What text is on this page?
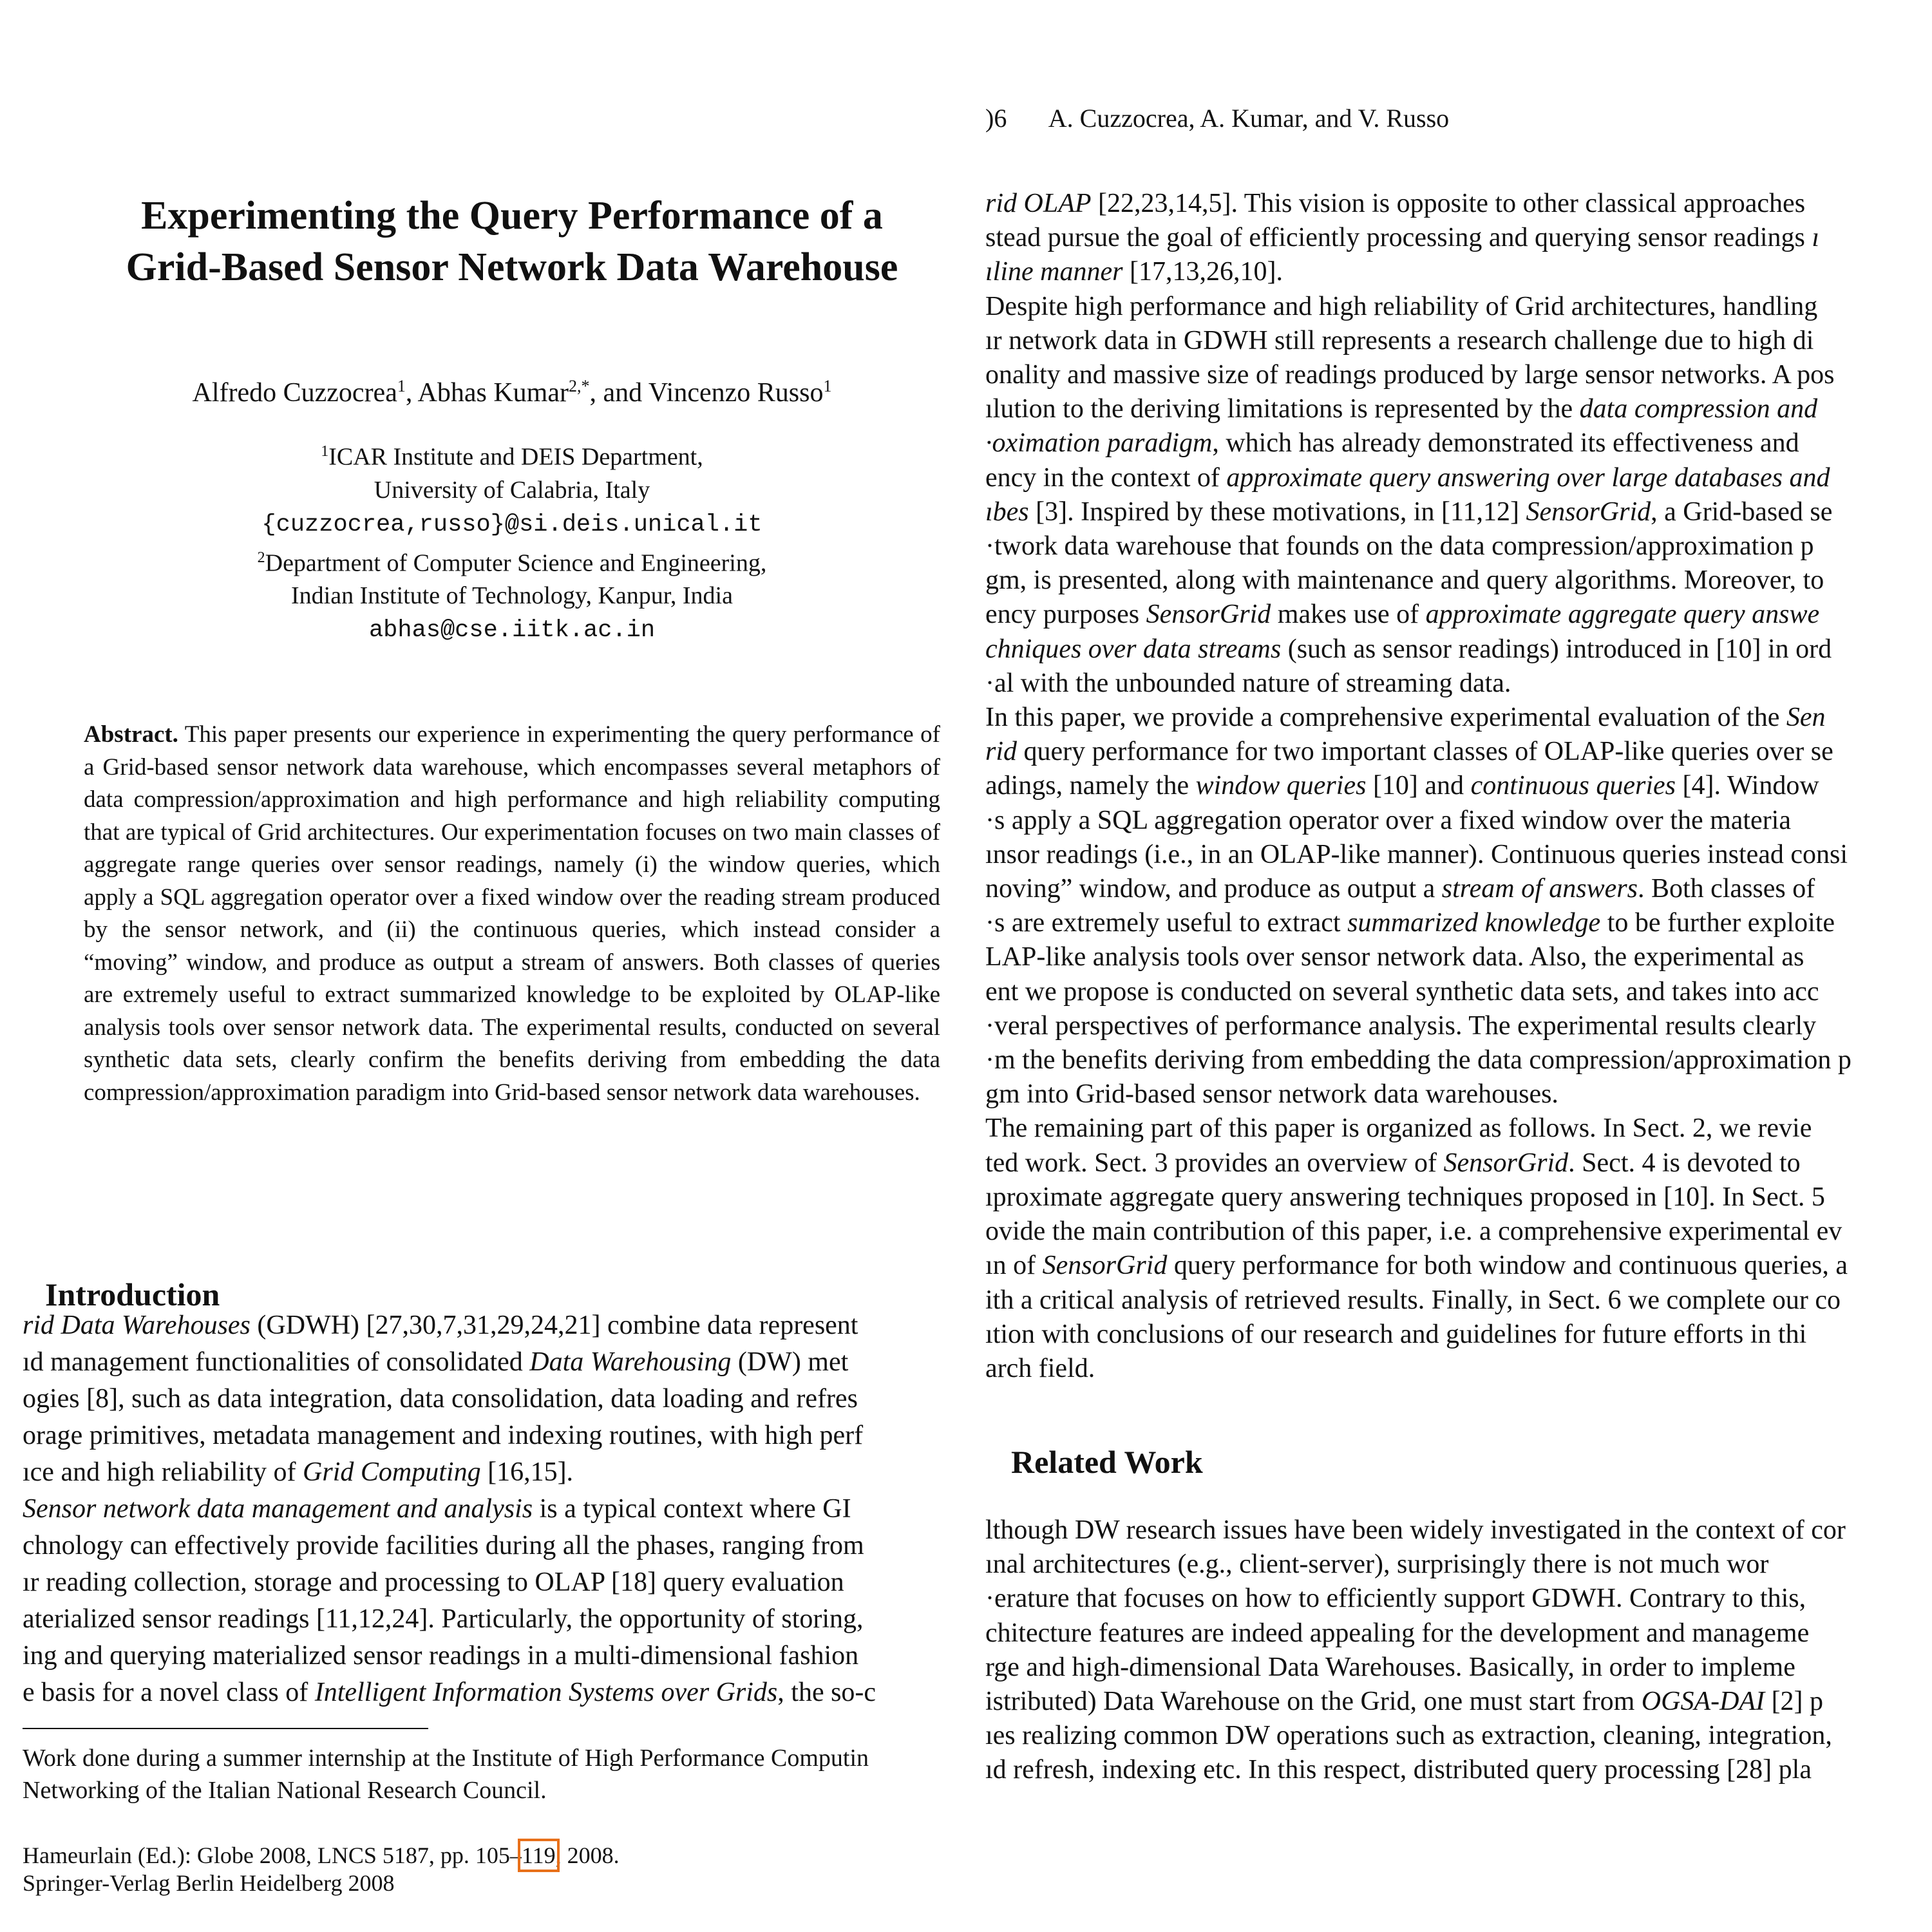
Experimenting the Query Performance of a
Grid-Based Sensor Network Data Warehouse
Alfredo Cuzzocrea$^1$, Abhas Kumar$^{2,*}$, and Vincenzo Russo$^1$
$^1$ICAR Institute and DEIS Department,
University of Calabria, Italy
{cuzzocrea,russo}@si.deis.unical.it
$^2$Department of Computer Science and Engineering,
Indian Institute of Technology, Kanpur, India
abhas@cse.iitk.ac.in
Abstract. This paper presents our experience in experimenting the query performance of a Grid-based sensor network data warehouse, which encompasses several metaphors of data compression/approximation and high performance and high reliability computing that are typical of Grid architectures. Our experimentation focuses on two main classes of aggregate range queries over sensor readings, namely (i) the window queries, which apply a SQL aggregation operator over a fixed window over the reading stream produced by the sensor network, and (ii) the continuous queries, which instead consider a “moving” window, and produce as output a stream of answers. Both classes of queries are extremely useful to extract summarized knowledge to be exploited by OLAP-like analysis tools over sensor network data. The experimental results, conducted on several synthetic data sets, clearly confirm the benefits deriving from embedding the data compression/approximation paradigm into Grid-based sensor network data warehouses.
Introduction
rid Data Warehouses (GDWH) [27,30,7,31,29,24,21] combine data represent
ıd management functionalities of consolidated Data Warehousing (DW) met
ogies [8], such as data integration, data consolidation, data loading and refres
orage primitives, metadata management and indexing routines, with high perf
ıce and high reliability of Grid Computing [16,15].
Sensor network data management and analysis is a typical context where GI
chnology can effectively provide facilities during all the phases, ranging from
ır reading collection, storage and processing to OLAP [18] query evaluation
aterialized sensor readings [11,12,24]. Particularly, the opportunity of storing,
ing and querying materialized sensor readings in a multi-dimensional fashion
e basis for a novel class of Intelligent Information Systems over Grids, the so-c
Work done during a summer internship at the Institute of High Performance Computin
Networking of the Italian National Research Council.
Hameurlain (Ed.): Globe 2008, LNCS 5187, pp. 105–119, 2008.
Springer-Verlag Berlin Heidelberg 2008
)6 A. Cuzzocrea, A. Kumar, and V. Russo
rid OLAP [22,23,14,5]. This vision is opposite to other classical approaches
stead pursue the goal of efficiently processing and querying sensor readings ı
ıline manner [17,13,26,10].
Despite high performance and high reliability of Grid architectures, handling
ır network data in GDWH still represents a research challenge due to high di
onality and massive size of readings produced by large sensor networks. A pos
ılution to the deriving limitations is represented by the data compression and
·oximation paradigm, which has already demonstrated its effectiveness and
ency in the context of approximate query answering over large databases and
ıbes [3]. Inspired by these motivations, in [11,12] SensorGrid, a Grid-based se
·twork data warehouse that founds on the data compression/approximation p
gm, is presented, along with maintenance and query algorithms. Moreover, to
ency purposes SensorGrid makes use of approximate aggregate query answe
chniques over data streams (such as sensor readings) introduced in [10] in ord
·al with the unbounded nature of streaming data.
In this paper, we provide a comprehensive experimental evaluation of the Sen
rid query performance for two important classes of OLAP-like queries over se
adings, namely the window queries [10] and continuous queries [4]. Window
·s apply a SQL aggregation operator over a fixed window over the materia
ınsor readings (i.e., in an OLAP-like manner). Continuous queries instead consi
noving” window, and produce as output a stream of answers. Both classes of
·s are extremely useful to extract summarized knowledge to be further exploite
LAP-like analysis tools over sensor network data. Also, the experimental as
ent we propose is conducted on several synthetic data sets, and takes into acc
·veral perspectives of performance analysis. The experimental results clearly
·m the benefits deriving from embedding the data compression/approximation p
gm into Grid-based sensor network data warehouses.
The remaining part of this paper is organized as follows. In Sect. 2, we revie
ted work. Sect. 3 provides an overview of SensorGrid. Sect. 4 is devoted to
ıproximate aggregate query answering techniques proposed in [10]. In Sect. 5
ovide the main contribution of this paper, i.e. a comprehensive experimental ev
ın of SensorGrid query performance for both window and continuous queries, a
ith a critical analysis of retrieved results. Finally, in Sect. 6 we complete our co
ıtion with conclusions of our research and guidelines for future efforts in thi
arch field.
Related Work
lthough DW research issues have been widely investigated in the context of cor
ınal architectures (e.g., client-server), surprisingly there is not much wor
·erature that focuses on how to efficiently support GDWH. Contrary to this,
chitecture features are indeed appealing for the development and manageme
rge and high-dimensional Data Warehouses. Basically, in order to impleme
istributed) Data Warehouse on the Grid, one must start from OGSA-DAI [2] p
ıes realizing common DW operations such as extraction, cleaning, integration,
ıd refresh, indexing etc. In this respect, distributed query processing [28] pla
